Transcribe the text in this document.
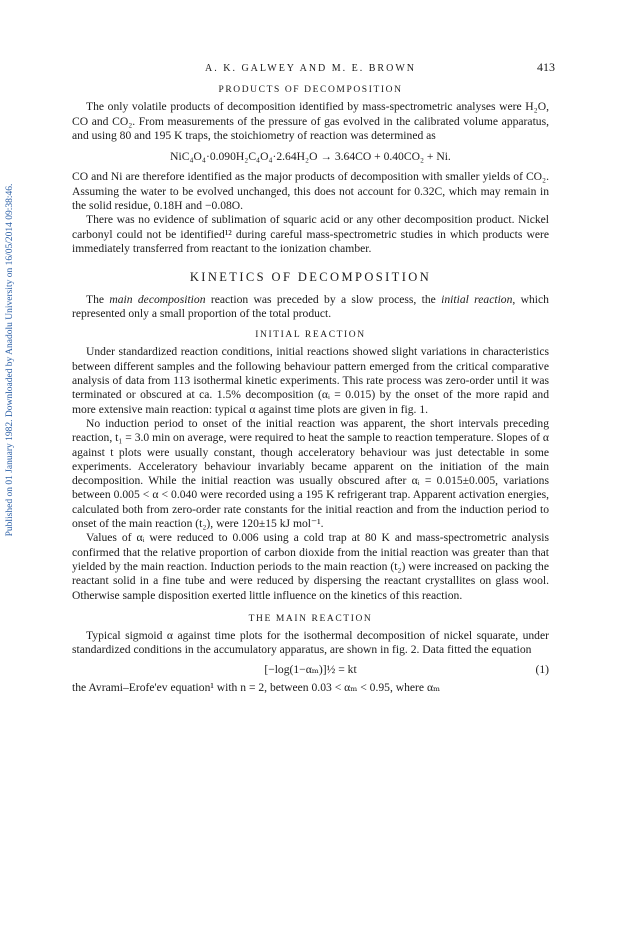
Published on 01 January 1982. Downloaded by Anadolu University on 16/05/2014 09:38:46.
A. K. GALWEY AND M. E. BROWN	413
PRODUCTS OF DECOMPOSITION

The only volatile products of decomposition identified by mass-spectrometric analyses were H₂O, CO and CO₂. From measurements of the pressure of gas evolved in the calibrated volume apparatus, and using 80 and 195 K traps, the stoichiometry of reaction was determined as

NiC₄O₄·0.090H₂C₄O₄·2.64H₂O → 3.64CO + 0.40CO₂ + Ni.

CO and Ni are therefore identified as the major products of decomposition with smaller yields of CO₂. Assuming the water to be evolved unchanged, this does not account for 0.32C, which may remain in the solid residue, 0.18H and −0.08O.

There was no evidence of sublimation of squaric acid or any other decomposition product. Nickel carbonyl could not be identified¹² during careful mass-spectrometric studies in which products were immediately transferred from reactant to the ionization chamber.

KINETICS OF DECOMPOSITION

The main decomposition reaction was preceded by a slow process, the initial reaction, which represented only a small proportion of the total product.

INITIAL REACTION

Under standardized reaction conditions, initial reactions showed slight variations in characteristics between different samples and the following behaviour pattern emerged from the critical comparative analysis of data from 113 isothermal kinetic experiments. This rate process was zero-order until it was terminated or obscured at ca. 1.5% decomposition (αᵢ = 0.015) by the onset of the more rapid and more extensive main reaction: typical α against time plots are given in fig. 1.

No induction period to onset of the initial reaction was apparent, the short intervals preceding reaction, t₁ = 3.0 min on average, were required to heat the sample to reaction temperature. Slopes of α against t plots were usually constant, though acceleratory behaviour was just detectable in some experiments. Acceleratory behaviour invariably became apparent on the initiation of the main decomposition. While the initial reaction was usually obscured after αᵢ = 0.015±0.005, variations between 0.005 < α < 0.040 were recorded using a 195 K refrigerant trap. Apparent activation energies, calculated both from zero-order rate constants for the initial reaction and from the induction period to onset of the main reaction (t₂), were 120±15 kJ mol⁻¹.

Values of αᵢ were reduced to 0.006 using a cold trap at 80 K and mass-spectrometric analysis confirmed that the relative proportion of carbon dioxide from the initial reaction was greater than that yielded by the main reaction. Induction periods to the main reaction (t₂) were increased on packing the reactant solid in a fine tube and were reduced by dispersing the reactant crystallites on glass wool. Otherwise sample disposition exerted little influence on the kinetics of this reaction.

THE MAIN REACTION

Typical sigmoid α against time plots for the isothermal decomposition of nickel squarate, under standardized conditions in the accumulatory apparatus, are shown in fig. 2. Data fitted the equation

[−log(1−αₘ)]½ = kt	(1)

the Avrami–Erofe'ev equation¹ with n = 2, between 0.03 < αₘ < 0.95, where αₘ
